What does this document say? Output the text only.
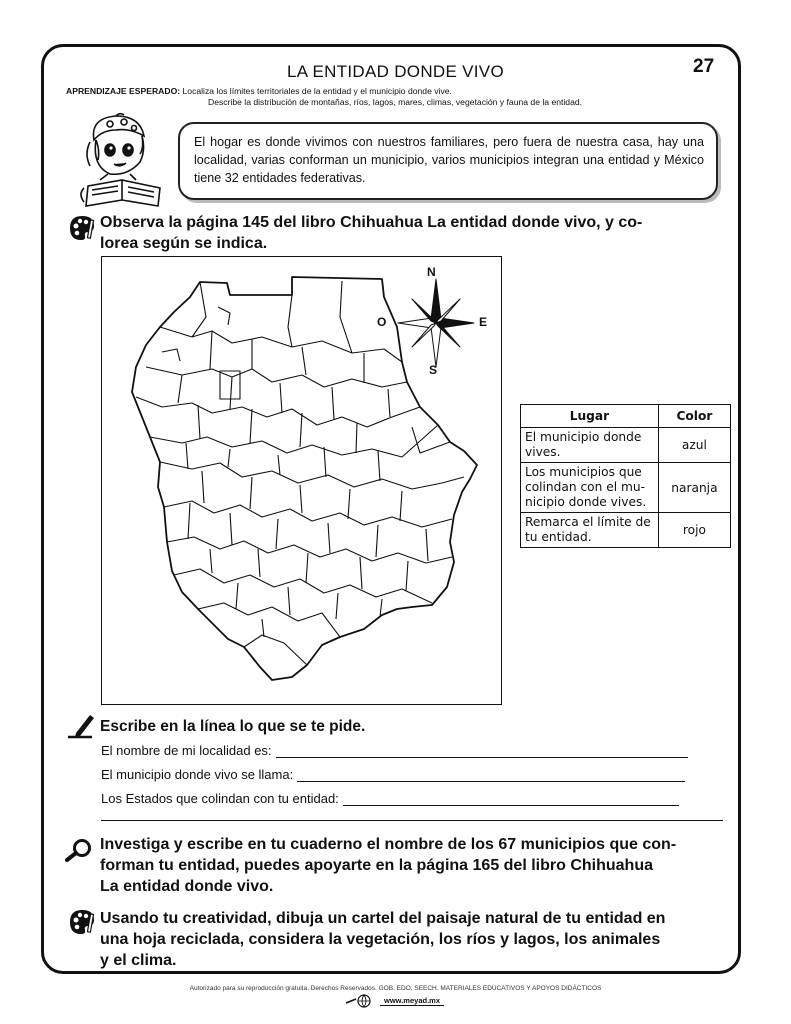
LA ENTIDAD DONDE VIVO	27
APRENDIZAJE ESPERADO: Localiza los límites territoriales de la entidad y el municipio donde vive.
Describe la distribución de montañas, ríos, lagos, mares, climas, vegetación y fauna de la entidad.
El hogar es donde vivimos con nuestros familiares, pero fuera de nuestra casa, hay una localidad, varias conforman un municipio, varios municipios integran una entidad y México tiene 32 entidades federativas.
Observa la página 145 del libro Chihuahua La entidad donde vivo, y co-
lorea según se indica.
N
S
O	E
Lugar	Color

El municipio donde
vives.	azul

Los municipios que
colindan con el mu-
nicipio donde vives.	naranja

Remarca el límite de
tu entidad.	rojo
Escribe en la línea lo que se te pide.
El nombre de mi localidad es:
El municipio donde vivo se llama:
Los Estados que colindan con tu entidad:
Investiga y escribe en tu cuaderno el nombre de los 67 municipios que con-
forman tu entidad, puedes apoyarte en la página 165 del libro Chihuahua
La entidad donde vivo.
Usando tu creatividad, dibuja un cartel del paisaje natural de tu entidad en
una hoja reciclada, considera la vegetación, los ríos y lagos, los animales
y el clima.
Autorizado para su reproducción gratuita. Derechos Reservados. GOB. EDO. SEECH. MATERIALES EDUCATIVOS Y APOYOS DIDÁCTICOS
www.meyad.mx
